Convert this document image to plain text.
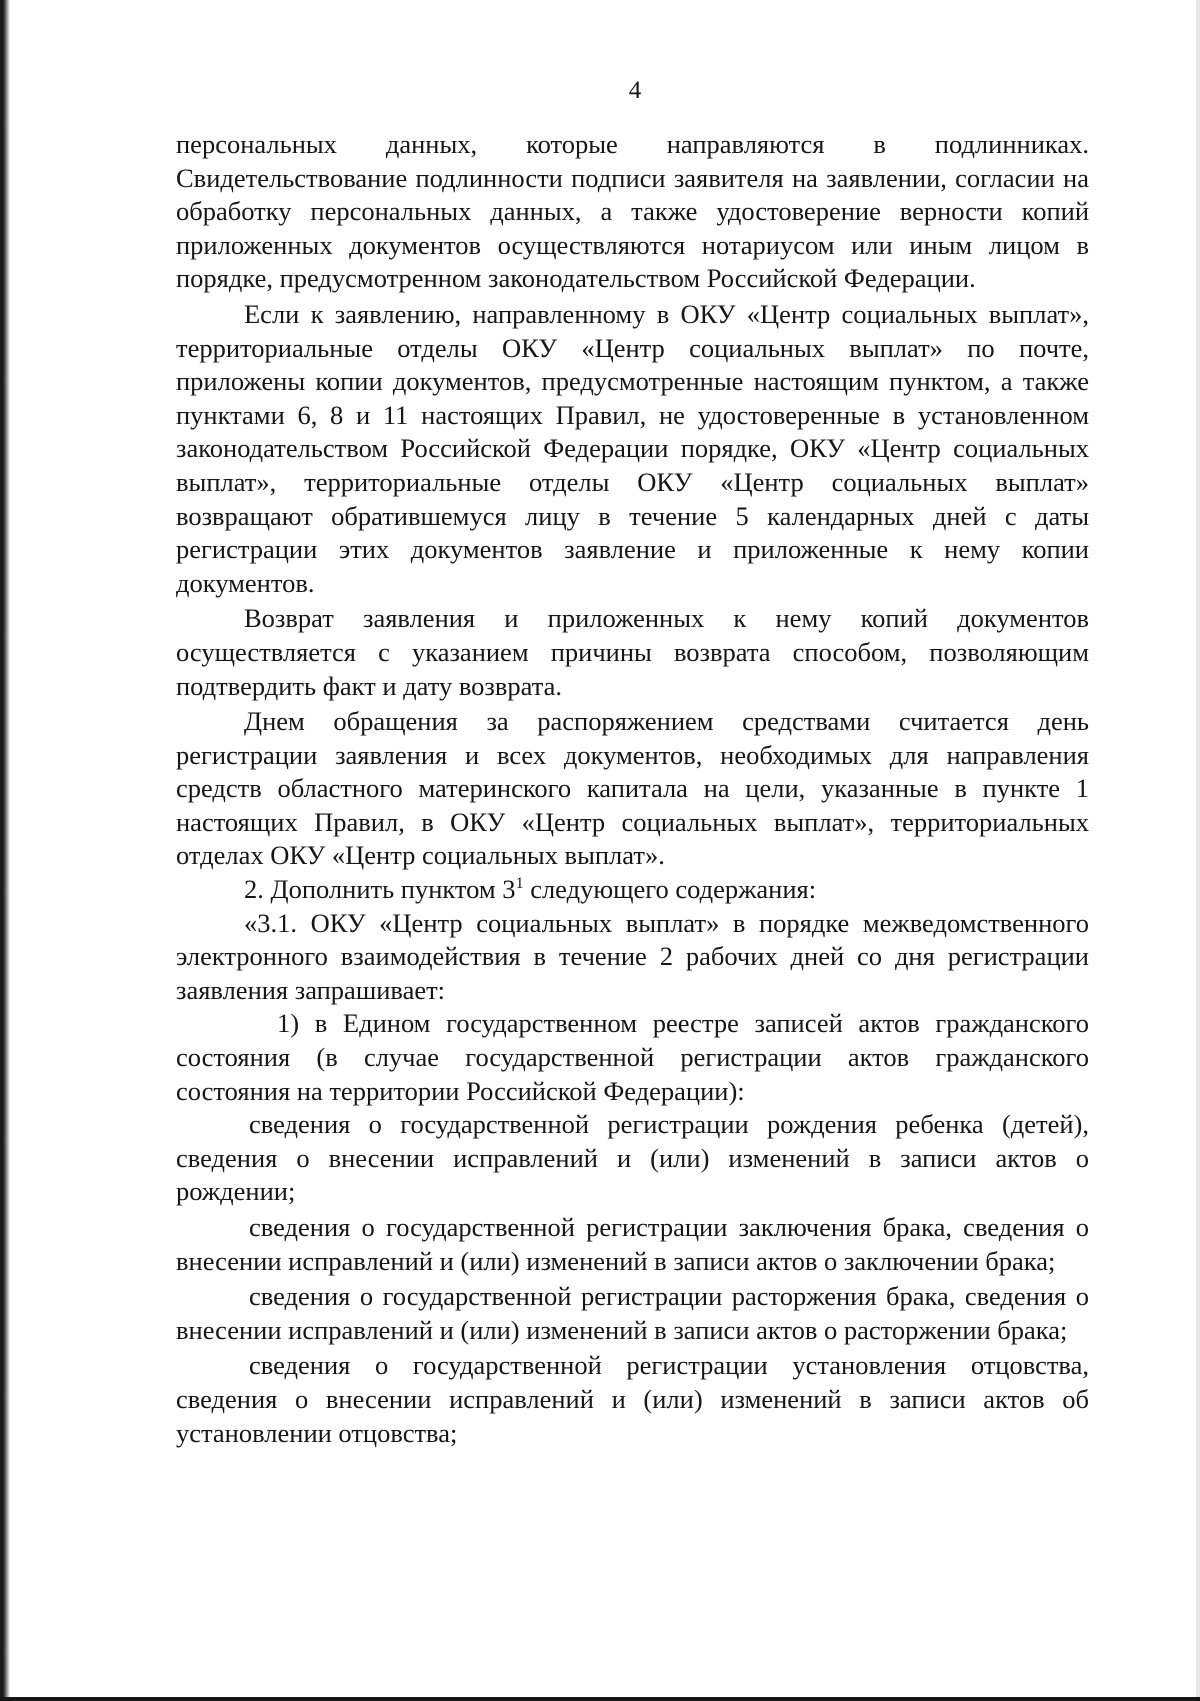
4

персональных данных, которые направляются в подлинниках. Свидетельствование подлинности подписи заявителя на заявлении, согласии на обработку персональных данных, а также удостоверение верности копий приложенных документов осуществляются нотариусом или иным лицом в порядке, предусмотренном законодательством Российской Федерации.

Если к заявлению, направленному в ОКУ «Центр социальных выплат», территориальные отделы ОКУ «Центр социальных выплат» по почте, приложены копии документов, предусмотренные настоящим пунктом, а также пунктами 6, 8 и 11 настоящих Правил, не удостоверенные в установленном законодательством Российской Федерации порядке, ОКУ «Центр социальных выплат», территориальные отделы ОКУ «Центр социальных выплат» возвращают обратившемуся лицу в течение 5 календарных дней с даты регистрации этих документов заявление и приложенные к нему копии документов.

Возврат заявления и приложенных к нему копий документов осуществляется с указанием причины возврата способом, позволяющим подтвердить факт и дату возврата.

Днем обращения за распоряжением средствами считается день регистрации заявления и всех документов, необходимых для направления средств областного материнского капитала на цели, указанные в пункте 1 настоящих Правил, в ОКУ «Центр социальных выплат», территориальных отделах ОКУ «Центр социальных выплат».

2. Дополнить пунктом $3^1$ следующего содержания:

«3.1. ОКУ «Центр социальных выплат» в порядке межведомственного электронного взаимодействия в течение 2 рабочих дней со дня регистрации заявления запрашивает:

1) в Едином государственном реестре записей актов гражданского состояния (в случае государственной регистрации актов гражданского состояния на территории Российской Федерации):

сведения о государственной регистрации рождения ребенка (детей), сведения о внесении исправлений и (или) изменений в записи актов о рождении;

сведения о государственной регистрации заключения брака, сведения о внесении исправлений и (или) изменений в записи актов о заключении брака;

сведения о государственной регистрации расторжения брака, сведения о внесении исправлений и (или) изменений в записи актов о расторжении брака;

сведения о государственной регистрации установления отцовства, сведения о внесении исправлений и (или) изменений в записи актов об установлении отцовства;
